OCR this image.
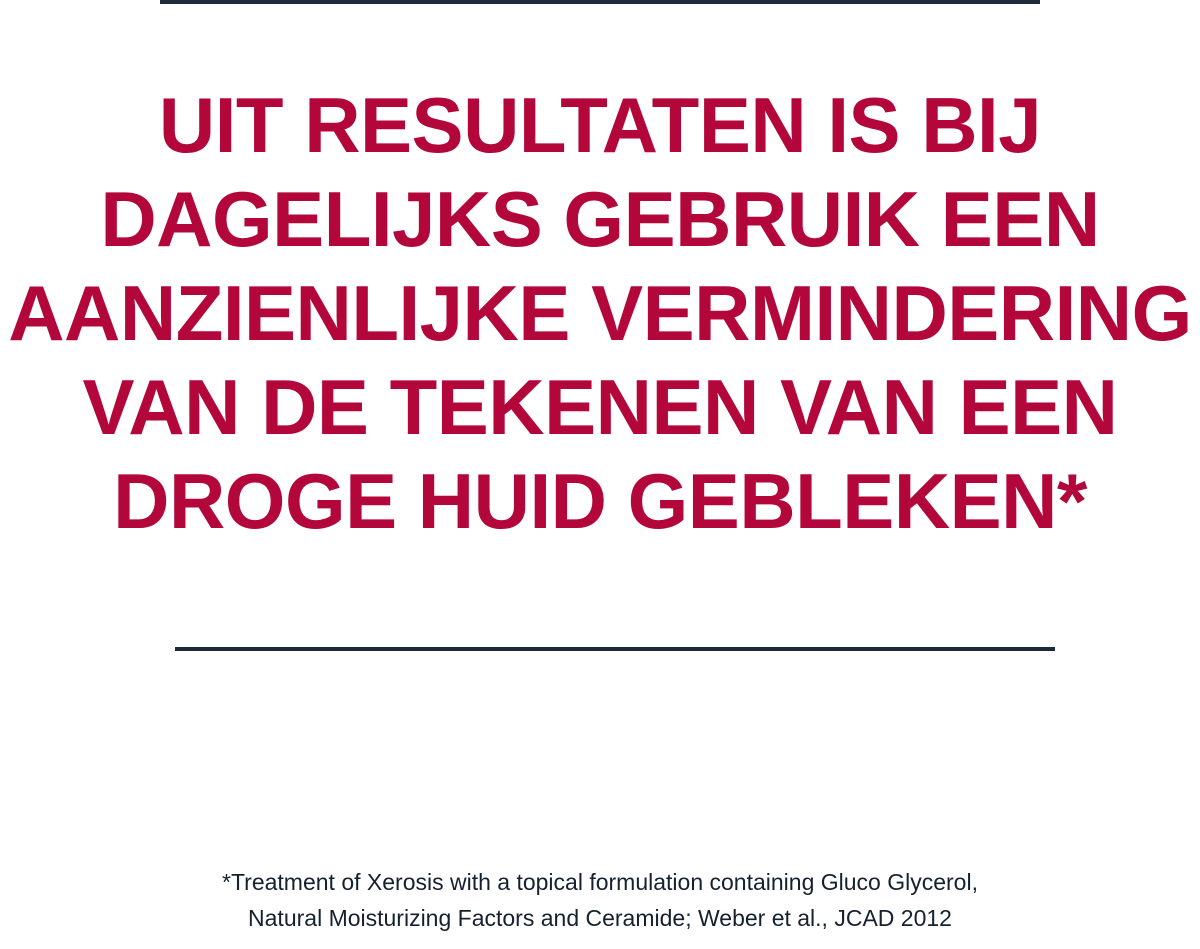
UIT RESULTATEN IS BIJ
DAGELIJKS GEBRUIK EEN
AANZIENLIJKE VERMINDERING
VAN DE TEKENEN VAN EEN
DROGE HUID GEBLEKEN*
*Treatment of Xerosis with a topical formulation containing Gluco Glycerol,
Natural Moisturizing Factors and Ceramide; Weber et al., JCAD 2012
